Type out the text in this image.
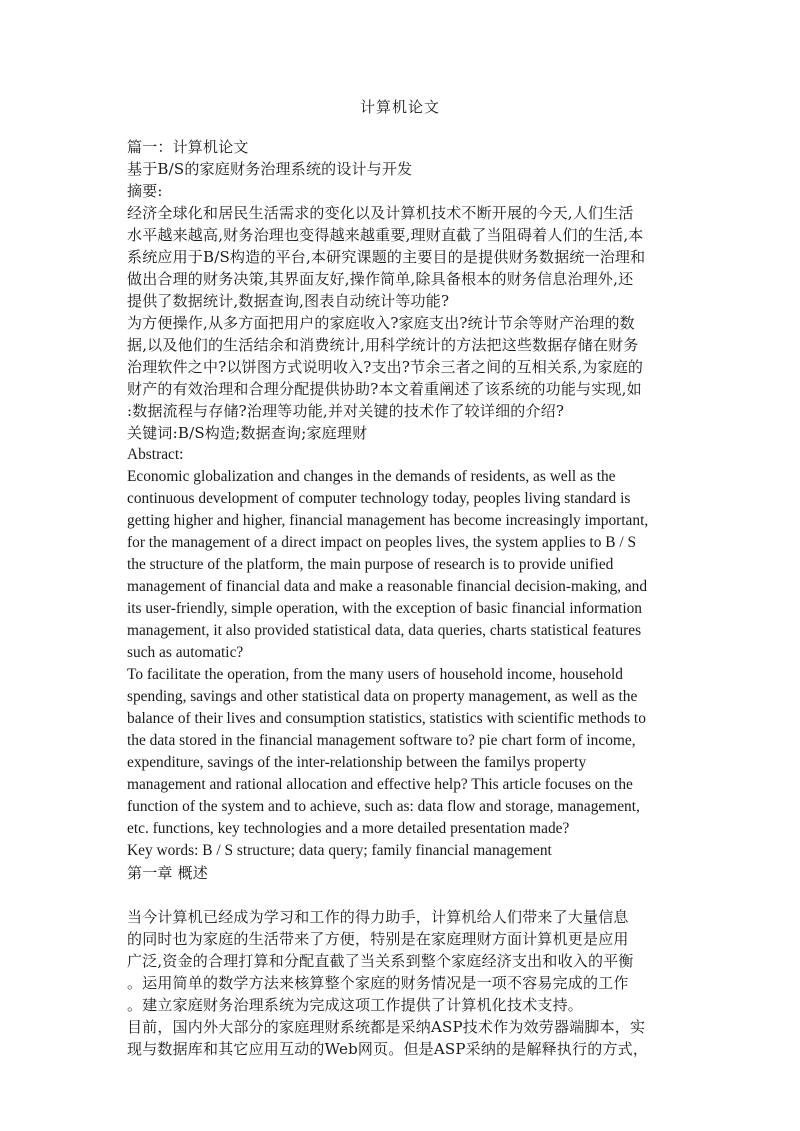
计算机论文
篇一：计算机论文
基于B/S的家庭财务治理系统的设计与开发
摘要:
经济全球化和居民生活需求的变化以及计算机技术不断开展的今天,人们生活
水平越来越高,财务治理也变得越来越重要,理财直截了当阻碍着人们的生活,本
系统应用于B/S构造的平台,本研究课题的主要目的是提供财务数据统一治理和
做出合理的财务决策,其界面友好,操作简单,除具备根本的财务信息治理外,还
提供了数据统计,数据查询,图表自动统计等功能?
为方便操作,从多方面把用户的家庭收入?家庭支出?统计节余等财产治理的数
据,以及他们的生活结余和消费统计,用科学统计的方法把这些数据存储在财务
治理软件之中?以饼图方式说明收入?支出?节余三者之间的互相关系,为家庭的
财产的有效治理和合理分配提供协助?本文着重阐述了该系统的功能与实现,如
:数据流程与存储?治理等功能,并对关键的技术作了较详细的介绍?
关键词:B/S构造;数据查询;家庭理财
Abstract:
Economic globalization and changes in the demands of residents, as well as the
continuous development of computer technology today, peoples living standard is
getting higher and higher, financial management has become increasingly important,
for the management of a direct impact on peoples lives, the system applies to B / S
the structure of the platform, the main purpose of research is to provide unified
management of financial data and make a reasonable financial decision-making, and
its user-friendly, simple operation, with the exception of basic financial information
management, it also provided statistical data, data queries, charts statistical features
such as automatic?
To facilitate the operation, from the many users of household income, household
spending, savings and other statistical data on property management, as well as the
balance of their lives and consumption statistics, statistics with scientific methods to
the data stored in the financial management software to? pie chart form of income,
expenditure, savings of the inter-relationship between the familys property
management and rational allocation and effective help? This article focuses on the
function of the system and to achieve, such as: data flow and storage, management,
etc. functions, key technologies and a more detailed presentation made?
Key words: B / S structure; data query; family financial management
第一章 概述
当今计算机已经成为学习和工作的得力助手，计算机给人们带来了大量信息
的同时也为家庭的生活带来了方便，特别是在家庭理财方面计算机更是应用
广泛,资金的合理打算和分配直截了当关系到整个家庭经济支出和收入的平衡
。运用简单的数学方法来核算整个家庭的财务情况是一项不容易完成的工作
。建立家庭财务治理系统为完成这项工作提供了计算机化技术支持。
目前，国内外大部分的家庭理财系统都是采纳ASP技术作为效劳器端脚本，实
现与数据库和其它应用互动的Web网页。但是ASP采纳的是解释执行的方式，
